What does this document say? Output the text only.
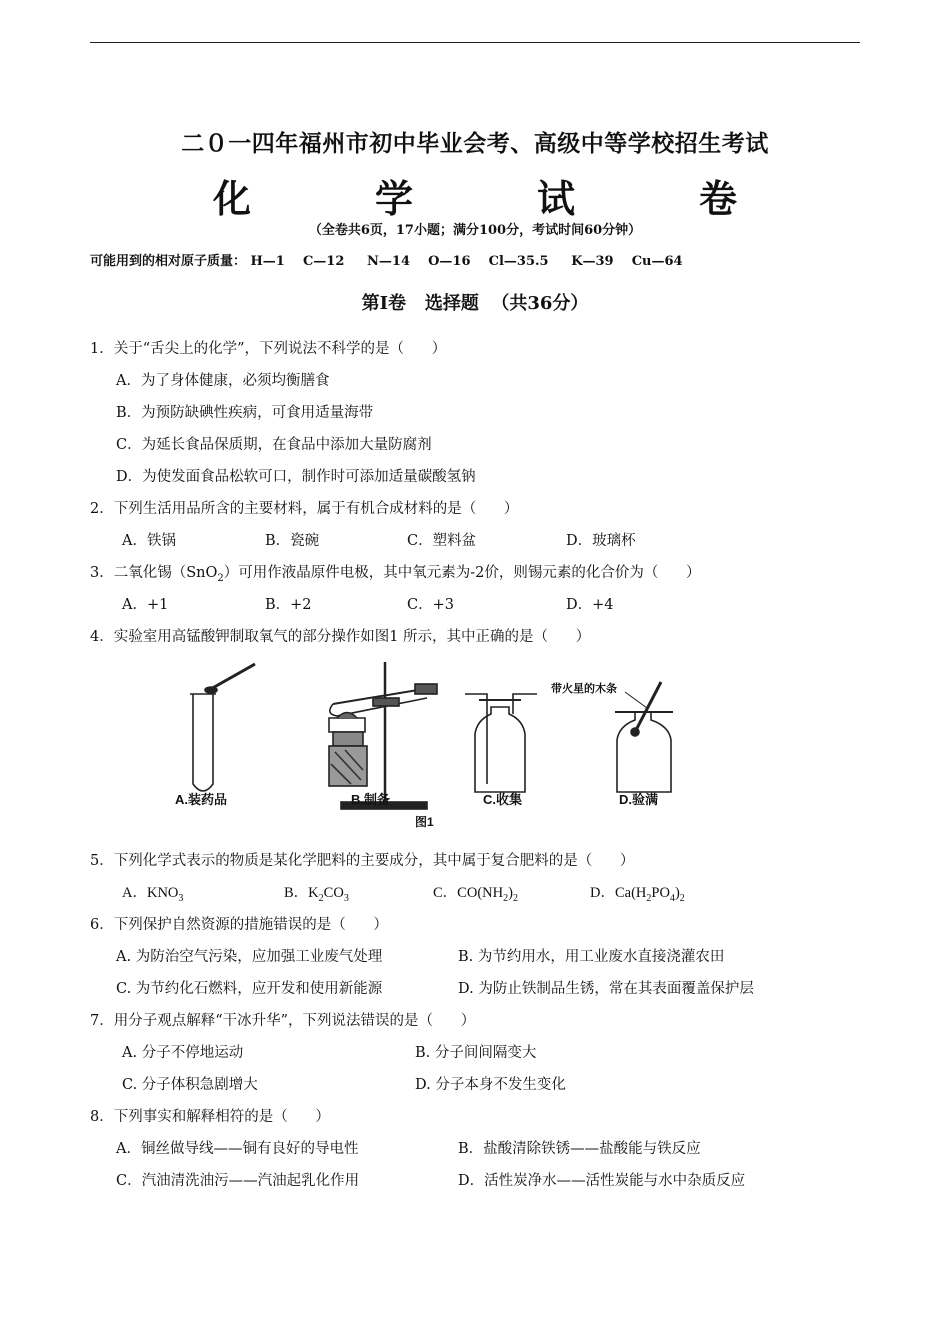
二０一四年福州市初中毕业会考、高级中等学校招生考试
化	学	试	卷
（全卷共6页，17小题；满分100分，考试时间60分钟）
可能用到的相对原子质量： H—1    C—12     N—14    O—16    Cl—35.5     K—39    Cu—64
第Ⅰ卷   选择题  （共36分）
1．关于“舌尖上的化学”，下列说法不科学的是（      ）
A．为了身体健康，必须均衡膳食
B．为预防缺碘性疾病，可食用适量海带
C．为延长食品保质期，在食品中添加大量防腐剂
D．为使发面食品松软可口，制作时可添加适量碳酸氢钠
2．下列生活用品所含的主要材料，属于有机合成材料的是（      ）
A．铁锅	B．瓷碗	C．塑料盆	D．玻璃杯
3．二氧化锡（SnO$_2$）可用作液晶原件电极，其中氧元素为-2价，则锡元素的化合价为（      ）
A．+1	B．+2	C．+3	D．+4
4．实验室用高锰酸钾制取氧气的部分操作如图1 所示，其中正确的是（      ）
A.装药品	B.制备	C.收集	D.验满
带火星的木条
图1
5．下列化学式表示的物质是某化学肥料的主要成分，其中属于复合肥料的是（      ）
A．$KNO_3$	B．$K_2CO_3$	C．$CO(NH_2)_2$	D．$Ca(H_2PO_4)_2$
6．下列保护自然资源的措施错误的是（      ）
A. 为防治空气污染，应加强工业废气处理	B. 为节约用水，用工业废水直接浇灌农田
C. 为节约化石燃料，应开发和使用新能源	D. 为防止铁制品生锈，常在其表面覆盖保护层
7．用分子观点解释“干冰升华”，下列说法错误的是（      ）
A. 分子不停地运动	B. 分子间间隔变大
C. 分子体积急剧增大	D. 分子本身不发生变化
8．下列事实和解释相符的是（      ）
A．铜丝做导线——铜有良好的导电性	B．盐酸清除铁锈——盐酸能与铁反应
C．汽油清洗油污——汽油起乳化作用	D．活性炭净水——活性炭能与水中杂质反应
